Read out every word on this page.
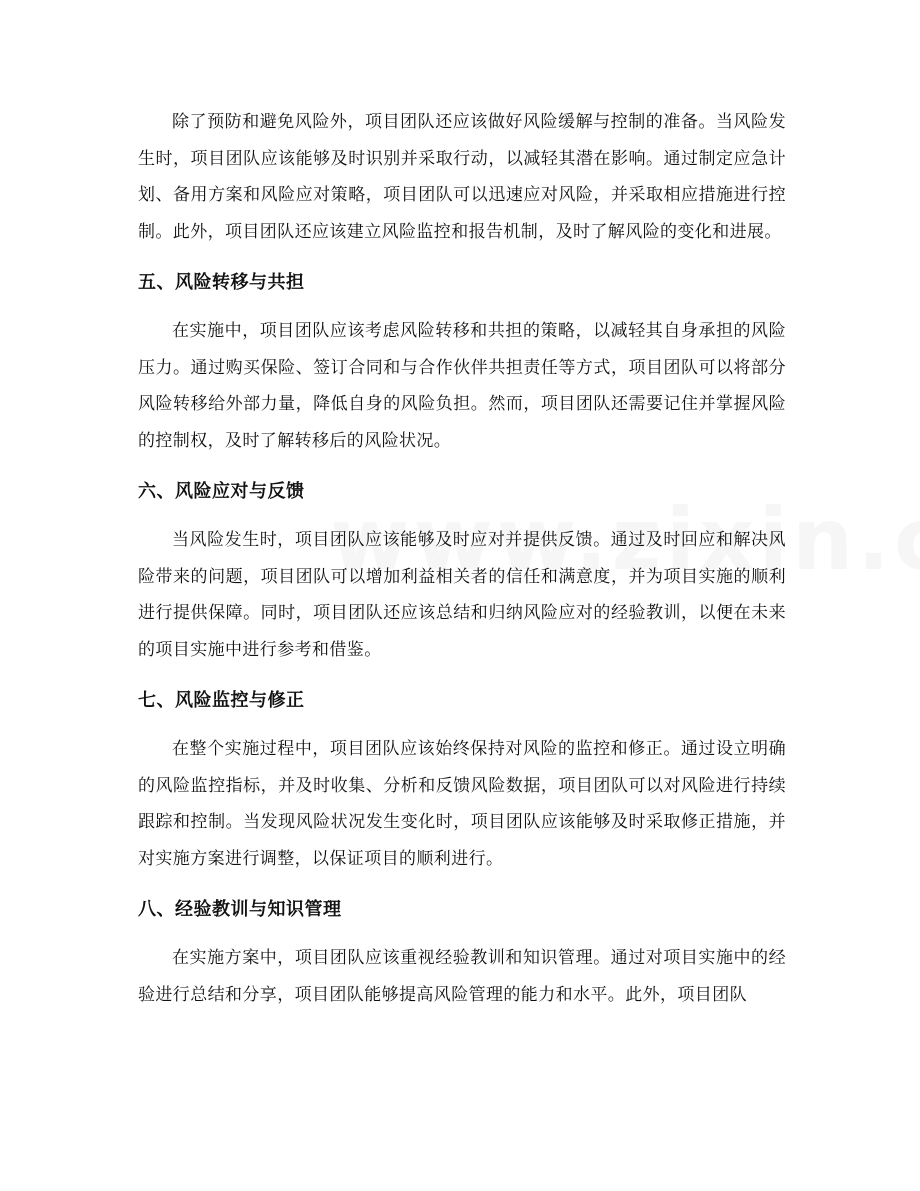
除了预防和避免风险外，项目团队还应该做好风险缓解与控制的准备。当风险发生时，项目团队应该能够及时识别并采取行动，以减轻其潜在影响。通过制定应急计划、备用方案和风险应对策略，项目团队可以迅速应对风险，并采取相应措施进行控制。此外，项目团队还应该建立风险监控和报告机制，及时了解风险的变化和进展。

五、风险转移与共担

在实施中，项目团队应该考虑风险转移和共担的策略，以减轻其自身承担的风险压力。通过购买保险、签订合同和与合作伙伴共担责任等方式，项目团队可以将部分风险转移给外部力量，降低自身的风险负担。然而，项目团队还需要记住并掌握风险的控制权，及时了解转移后的风险状况。

六、风险应对与反馈

当风险发生时，项目团队应该能够及时应对并提供反馈。通过及时回应和解决风险带来的问题，项目团队可以增加利益相关者的信任和满意度，并为项目实施的顺利进行提供保障。同时，项目团队还应该总结和归纳风险应对的经验教训，以便在未来的项目实施中进行参考和借鉴。

七、风险监控与修正

在整个实施过程中，项目团队应该始终保持对风险的监控和修正。通过设立明确的风险监控指标，并及时收集、分析和反馈风险数据，项目团队可以对风险进行持续跟踪和控制。当发现风险状况发生变化时，项目团队应该能够及时采取修正措施，并对实施方案进行调整，以保证项目的顺利进行。

八、经验教训与知识管理

在实施方案中，项目团队应该重视经验教训和知识管理。通过对项目实施中的经验进行总结和分享，项目团队能够提高风险管理的能力和水平。此外，项目团队
